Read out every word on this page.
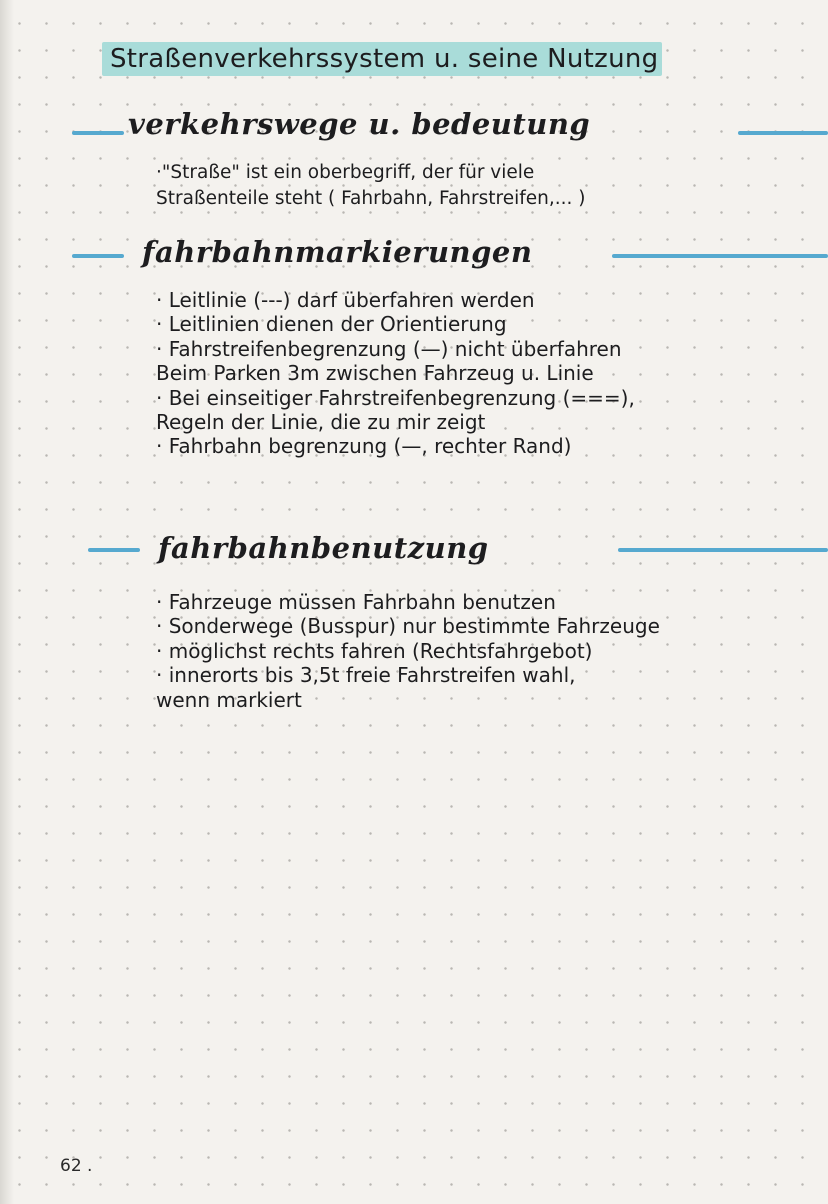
Straßenverkehrssystem u. seine Nutzung
verkehrswege u. bedeutung
·"Straße" ist ein oberbegriff, der für viele
Straßenteile steht ( Fahrbahn, Fahrstreifen,... )
fahrbahnmarkierungen
· Leitlinie (---) darf überfahren werden
· Leitlinien dienen der Orientierung
· Fahrstreifenbegrenzung (—) nicht überfahren
Beim Parken 3m zwischen Fahrzeug u. Linie
· Bei einseitiger Fahrstreifenbegrenzung (===),
Regeln der Linie, die zu mir zeigt
· Fahrbahn begrenzung (—, rechter Rand)
fahrbahnbenutzung
· Fahrzeuge müssen Fahrbahn benutzen
· Sonderwege (Busspur) nur bestimmte Fahrzeuge
· möglichst rechts fahren (Rechtsfahrgebot)
· innerorts bis 3,5t freie Fahrstreifen wahl,
wenn markiert
62 .
